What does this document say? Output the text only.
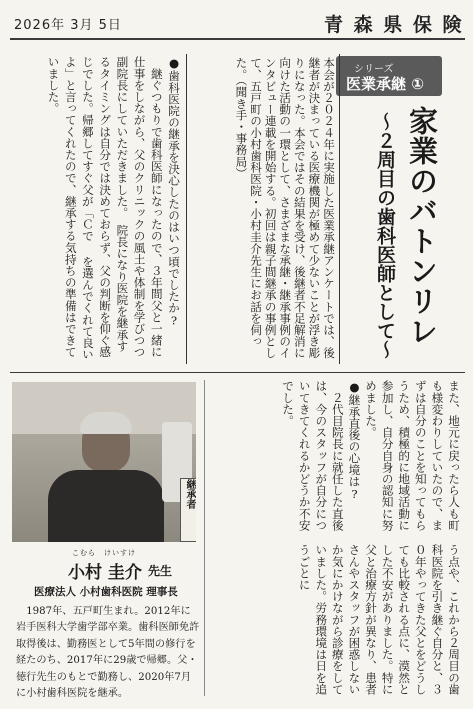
2026年 3月 5日	青 森 県 保 険
シリーズ
医業承継 ①
家業のバトンリレ
〜２周目の歯科医師として〜
本会が２０２４年に実施した医業承継アンケートでは、後継者が決まっている医療機関が極めて少ないことが浮き彫りになった。本会ではその結果を受け、後継者不足解消に向けた活動の一環として、さまざまな承継・継承事例のインタビュー連載を開始する。初回は親子間継承の事例として、五戸町の小村歯科医院・小村圭介先生にお話を伺った。（聞き手・事務局）
●歯科医院の継承を決心したのはいつ頃でしたか?
　継ぐつもりで歯科医師になったので、３年間父と一緒に仕事をしながら、父のクリニックの風土や体制を学びつつ副院長にしていただきました。　院長になり医院を継承するタイミングは自分では決めておらず、父の判断を仰ぐ感じでした。帰郷してすぐ父が「Ｃで を選んでくれて良いよ」と言ってくれたので、継承する気持ちの準備はできていました。
継承者
こむら　けいすけ
小村 圭介 先生
医療法人 小村歯科医院 理事長
1987年、五戸町生まれ。2012年に岩手医科大学歯学部卒業。歯科医師免許取得後は、勤務医として5年間の修行を経たのち、2017年に29歳で帰郷。父・徳行先生のもとで勤務し、2020年7月に小村歯科医院を継承。
また、地元に戻ったら人も町も様変わりしていたので、まずは自分のことを知ってもらうため、積極的に地域活動に参加し、自分自身の認知に努めました。
●継承直後の心境は?
　２代目院長に就任した直後は、今のスタッフが自分についてきてくれるかどうか不安でした。
う点や、これから２周目の歯科医院を引き継ぐ自分と、３０年やってきた父とをどうしても比較される点に、漠然とした不安がありました。特に父と治療方針が異なり、患者さんやスタッフが困惑しないか気にかけながら診療をしていました。労務環境は日を追うごとに
